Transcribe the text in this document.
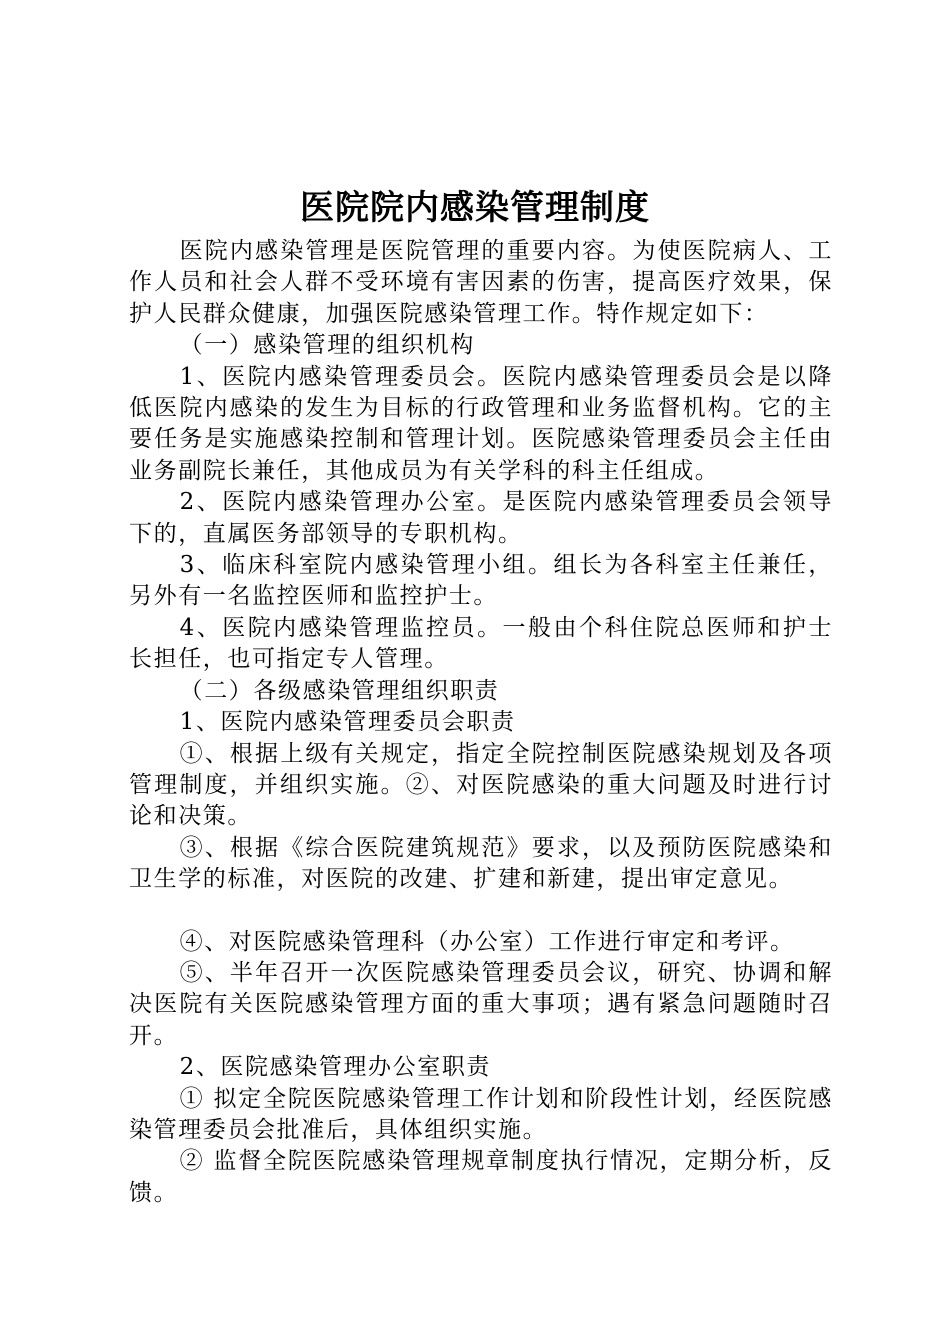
医院院内感染管理制度

医院内感染管理是医院管理的重要内容。为使医院病人、工作人员和社会人群不受环境有害因素的伤害，提高医疗效果，保护人民群众健康，加强医院感染管理工作。特作规定如下：

（一）感染管理的组织机构

1、医院内感染管理委员会。医院内感染管理委员会是以降低医院内感染的发生为目标的行政管理和业务监督机构。它的主要任务是实施感染控制和管理计划。医院感染管理委员会主任由业务副院长兼任，其他成员为有关学科的科主任组成。

2、医院内感染管理办公室。是医院内感染管理委员会领导下的，直属医务部领导的专职机构。

3、临床科室院内感染管理小组。组长为各科室主任兼任，另外有一名监控医师和监控护士。

4、医院内感染管理监控员。一般由个科住院总医师和护士长担任，也可指定专人管理。

（二）各级感染管理组织职责

1、医院内感染管理委员会职责

①、根据上级有关规定，指定全院控制医院感染规划及各项管理制度，并组织实施。②、对医院感染的重大问题及时进行讨论和决策。

③、根据《综合医院建筑规范》要求，以及预防医院感染和卫生学的标准，对医院的改建、扩建和新建，提出审定意见。

④、对医院感染管理科（办公室）工作进行审定和考评。

⑤、半年召开一次医院感染管理委员会议，研究、协调和解决医院有关医院感染管理方面的重大事项；遇有紧急问题随时召开。

2、医院感染管理办公室职责

① 拟定全院医院感染管理工作计划和阶段性计划，经医院感染管理委员会批准后，具体组织实施。

② 监督全院医院感染管理规章制度执行情况，定期分析，反馈。
